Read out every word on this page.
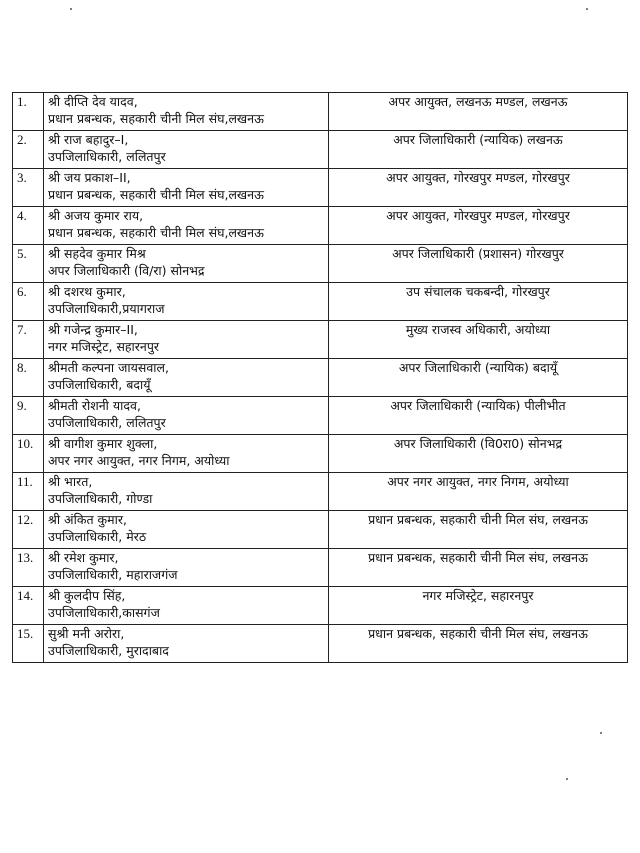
1.	श्री दीप्ति देव यादव,
प्रधान प्रबन्धक, सहकारी चीनी मिल संघ,लखनऊ	अपर आयुक्त, लखनऊ मण्डल, लखनऊ

2.	श्री राज बहादुर–I,
उपजिलाधिकारी, ललितपुर	अपर जिलाधिकारी (न्यायिक) लखनऊ

3.	श्री जय प्रकाश–II,
प्रधान प्रबन्धक, सहकारी चीनी मिल संघ,लखनऊ	अपर आयुक्त, गोरखपुर मण्डल, गोरखपुर

4.	श्री अजय कुमार राय,
प्रधान प्रबन्धक, सहकारी चीनी मिल संघ,लखनऊ	अपर आयुक्त, गोरखपुर मण्डल, गोरखपुर

5.	श्री सहदेव कुमार मिश्र
अपर जिलाधिकारी (वि/रा) सोनभद्र	अपर जिलाधिकारी (प्रशासन) गोरखपुर

6.	श्री दशरथ कुमार,
उपजिलाधिकारी,प्रयागराज	उप संचालक चकबन्दी, गोरखपुर

7.	श्री गजेन्द्र कुमार–II,
नगर मजिस्ट्रेट, सहारनपुर	मुख्य राजस्व अधिकारी, अयोध्या

8.	श्रीमती कल्पना जायसवाल,
उपजिलाधिकारी, बदायूँ	अपर जिलाधिकारी (न्यायिक) बदायूँ

9.	श्रीमती रोशनी यादव,
उपजिलाधिकारी, ललितपुर	अपर जिलाधिकारी (न्यायिक) पीलीभीत

10.	श्री वागीश कुमार शुक्ला,
अपर नगर आयुक्त, नगर निगम, अयोध्या	अपर जिलाधिकारी (वि0रा0) सोनभद्र

11.	श्री भारत,
उपजिलाधिकारी, गोण्डा	अपर नगर आयुक्त, नगर निगम, अयोध्या

12.	श्री अंकित कुमार,
उपजिलाधिकारी, मेरठ	प्रधान प्रबन्धक, सहकारी चीनी मिल संघ, लखनऊ

13.	श्री रमेश कुमार,
उपजिलाधिकारी, महाराजगंज	प्रधान प्रबन्धक, सहकारी चीनी मिल संघ, लखनऊ

14.	श्री कुलदीप सिंह,
उपजिलाधिकारी,कासगंज	नगर मजिस्ट्रेट, सहारनपुर

15.	सुश्री मनी अरोरा,
उपजिलाधिकारी, मुरादाबाद	प्रधान प्रबन्धक, सहकारी चीनी मिल संघ, लखनऊ
